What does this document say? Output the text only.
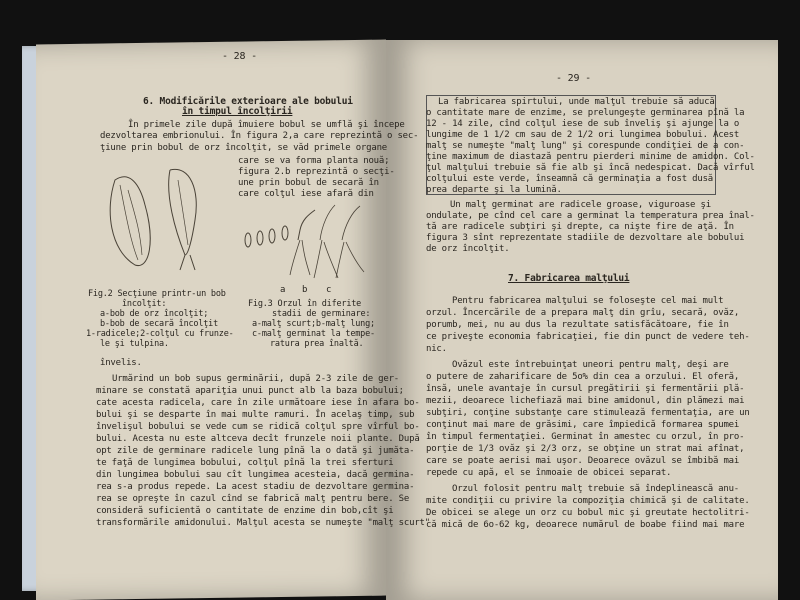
- 28 -
6. Modificările exterioare ale bobului
în timpul încolţirii
În primele zile după îmuiere bobul se umflă şi începe
dezvoltarea embrionului. În figura 2,a care reprezintă o sec-
ţiune prin bobul de orz încolţit, se văd primele organe
care se va forma planta nouă;
figura 2.b reprezintă o secţi-
une prin bobul de secară în
care colţul iese afară din
a b c
Fig.2 Secţiune printr-un bob
încolţit:
a-bob de orz încolţit;
b-bob de secară încolţit
1-radicele;2-colţul cu frunze-
le şi tulpina.
Fig.3 Orzul în diferite
stadii de germinare:
a-malţ scurt;b-malţ lung;
c-malţ germinat la tempe-
ratura prea înaltă.
învelis.
Urmărind un bob supus germinării, după 2-3 zile de ger-
minare se constată apariţia unui punct alb la baza bobului;
cate acesta radicela, care în zile următoare iese în afara bo-
bului şi se desparte în mai multe ramuri. În acelaş timp, sub
învelişul bobului se vede cum se ridică colţul spre vîrful bo-
bului. Acesta nu este altceva decît frunzele noii plante. După
opt zile de germinare radicele lung pînă la o dată şi jumăta-
te faţă de lungimea bobului, colţul pînă la trei sferturi
din lungimea bobului sau cît lungimea acesteia, dacă germina-
rea s-a produs repede. La acest stadiu de dezvoltare germina-
rea se opreşte în cazul cînd se fabrică malţ pentru bere. Se
consideră suficientă o cantitate de enzime din bob,cît şi
transformările amidonului. Malţul acesta se numeşte "malţ scurt"
- 29 -
La fabricarea spirtului, unde malţul trebuie să aducă
o cantitate mare de enzime, se prelungeşte germinarea pînă la
12 - 14 zile, cînd colţul iese de sub înveliş şi ajunge la o
lungime de 1 1/2 cm sau de 2 1/2 ori lungimea bobului. Acest
malţ se numeşte "malţ lung" şi corespunde condiţiei de a con-
ţine maximum de diastază pentru pierderi minime de amidon. Col-
ţul malţului trebuie să fie alb şi încă nedespicat. Dacă vîrful
colţului este verde, înseamnă că germinaţia a fost dusă
prea departe şi la lumină.
Un malţ germinat are radicele groase, viguroase şi
ondulate, pe cînd cel care a germinat la temperatura prea înal-
tă are radicele subţiri şi drepte, ca nişte fire de aţă. În
figura 3 sînt reprezentate stadiile de dezvoltare ale bobului
de orz încolţit.
7. Fabricarea malţului
Pentru fabricarea malţului se foloseşte cel mai mult
orzul. Încercările de a prepara malţ din grîu, secară, ovăz,
porumb, mei, nu au dus la rezultate satisfăcătoare, fie în
ce priveşte economia fabricaţiei, fie din punct de vedere teh-
nic.
Ovăzul este întrebuinţat uneori pentru malţ, deşi are
o putere de zaharificare de 5o% din cea a orzului. El oferă,
însă, unele avantaje în cursul pregătirii şi fermentării plă-
mezii, deoarece lichefiază mai bine amidonul, din plămezi mai
subţiri, conţine substanţe care stimulează fermentaţia, are un
conţinut mai mare de grăsimi, care împiedică formarea spumei
în timpul fermentaţiei. Germinat în amestec cu orzul, în pro-
porţie de 1/3 ovăz şi 2/3 orz, se obţine un strat mai afînat,
care se poate aerisi mai uşor. Deoarece ovăzul se îmbibă mai
repede cu apă, el se înmoaie de obicei separat.
Orzul folosit pentru malţ trebuie să îndeplinească anu-
mite condiţii cu privire la compoziţia chimică şi de calitate.
De obicei se alege un orz cu bobul mic şi greutate hectolitri-
că mică de 6o-62 kg, deoarece numărul de boabe fiind mai mare
